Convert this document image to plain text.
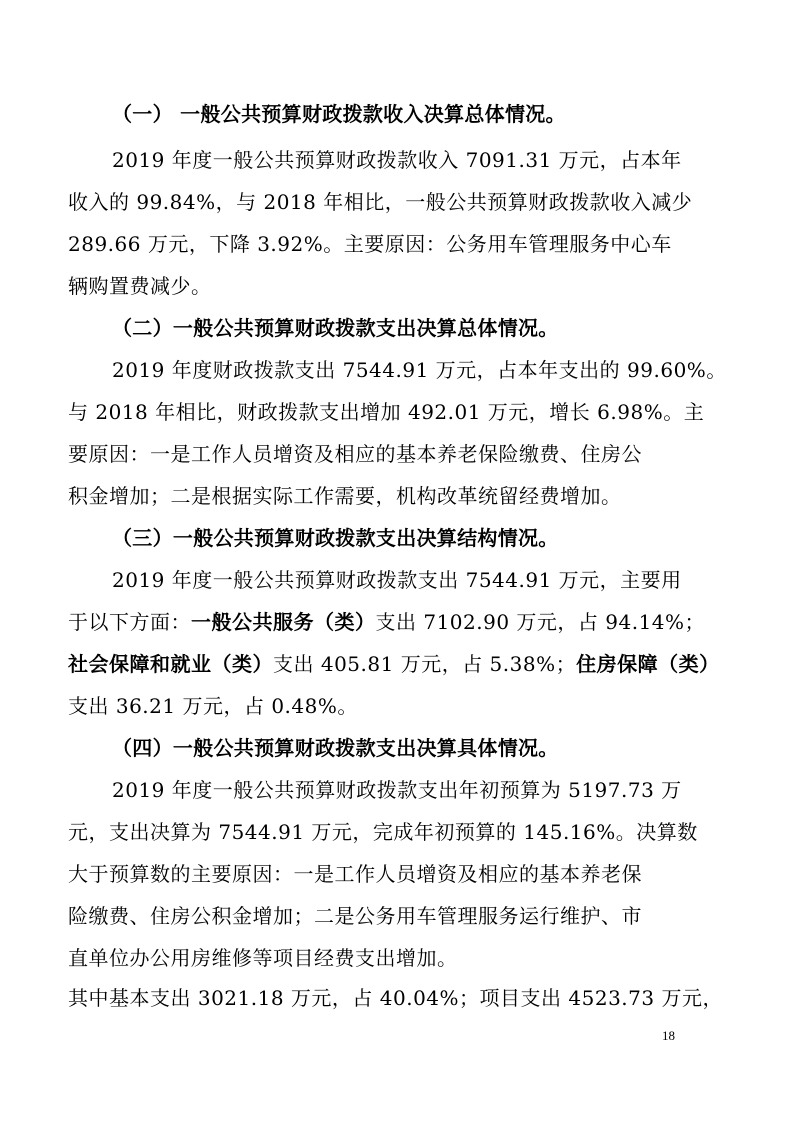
（一） 一般公共预算财政拨款收入决算总体情况。
2019 年度一般公共预算财政拨款收入 7091.31 万元，占本年
收入的 99.84%，与 2018 年相比，一般公共预算财政拨款收入减少
289.66 万元，下降 3.92%。主要原因：公务用车管理服务中心车
辆购置费减少。
（二）一般公共预算财政拨款支出决算总体情况。
2019 年度财政拨款支出 7544.91 万元，占本年支出的 99.60%。
与 2018 年相比，财政拨款支出增加 492.01 万元，增长 6.98%。主
要原因：一是工作人员增资及相应的基本养老保险缴费、住房公
积金增加；二是根据实际工作需要，机构改革统留经费增加。
（三）一般公共预算财政拨款支出决算结构情况。
2019 年度一般公共预算财政拨款支出 7544.91 万元，主要用
于以下方面：一般公共服务（类）支出 7102.90 万元，占 94.14%；
社会保障和就业（类）支出 405.81 万元，占 5.38%；住房保障（类）
支出 36.21 万元，占 0.48%。
（四）一般公共预算财政拨款支出决算具体情况。
2019 年度一般公共预算财政拨款支出年初预算为 5197.73 万
元，支出决算为 7544.91 万元，完成年初预算的 145.16%。决算数
大于预算数的主要原因：一是工作人员增资及相应的基本养老保
险缴费、住房公积金增加；二是公务用车管理服务运行维护、市
直单位办公用房维修等项目经费支出增加。
其中基本支出 3021.18 万元，占 40.04%；项目支出 4523.73 万元，
18
